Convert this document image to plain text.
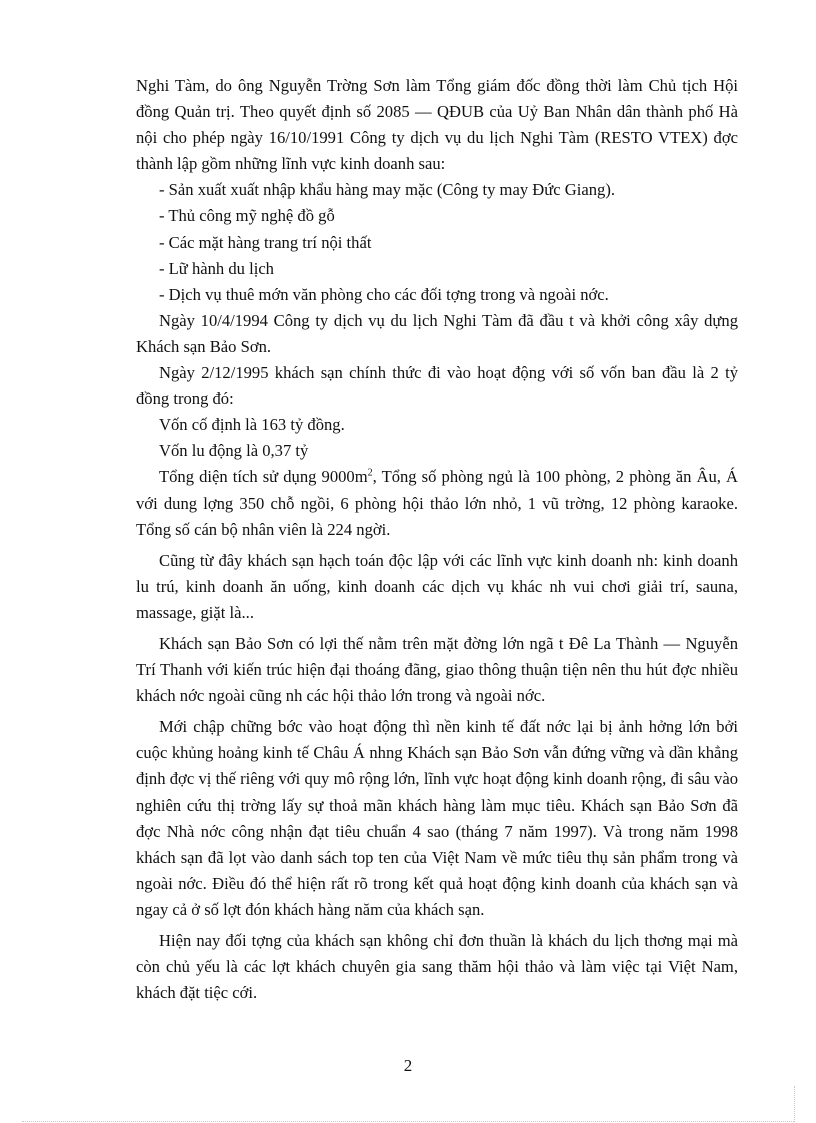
Nghi Tàm, do ông Nguyễn Trờng Sơn làm Tổng giám đốc đồng thời làm Chủ tịch Hội đồng Quản trị. Theo quyết định số 2085 — QĐUB của Uỷ Ban Nhân dân thành phố Hà nội cho phép ngày 16/10/1991 Công ty dịch vụ du lịch Nghi Tàm (RESTO VTEX) đợc thành lập gồm những lĩnh vực kinh doanh sau:

- Sản xuất xuất nhập khẩu hàng may mặc (Công ty may Đức Giang).

- Thủ công mỹ nghệ đồ gỗ

- Các mặt hàng trang trí nội thất

- Lữ hành du lịch

- Dịch vụ thuê mớn văn phòng cho các đối tợng trong và ngoài nớc.

Ngày 10/4/1994 Công ty dịch vụ du lịch Nghi Tàm đã đầu t và khởi công xây dựng Khách sạn Bảo Sơn.

Ngày 2/12/1995 khách sạn chính thức đi vào hoạt động với số vốn ban đầu là 2 tỷ đồng trong đó:

Vốn cố định là 163 tỷ đồng.

Vốn lu động là 0,37 tỷ

Tổng diện tích sử dụng $9000m^2$, Tổng số phòng ngủ là 100 phòng, 2 phòng ăn Âu, Á với dung lợng 350 chỗ ngồi, 6 phòng hội thảo lớn nhỏ, 1 vũ trờng, 12 phòng karaoke. Tổng số cán bộ nhân viên là 224 ngời.

Cũng từ đây khách sạn hạch toán độc lập với các lĩnh vực kinh doanh nh: kinh doanh lu trú, kinh doanh ăn uống, kinh doanh các dịch vụ khác nh vui chơi giải trí, sauna, massage, giặt là...

Khách sạn Bảo Sơn có lợi thế nằm trên mặt đờng lớn ngã t Đê La Thành — Nguyễn Trí Thanh với kiến trúc hiện đại thoáng đãng, giao thông thuận tiện nên thu hút đợc nhiều khách nớc ngoài cũng nh các hội thảo lớn trong và ngoài nớc.

Mới chập chững bớc vào hoạt động thì nền kinh tế đất nớc lại bị ảnh hởng lớn bởi cuộc khủng hoảng kinh tế Châu Á nhng Khách sạn Bảo Sơn vẫn đứng vững và dần khẳng định đợc vị thế riêng với quy mô rộng lớn, lĩnh vực hoạt động kinh doanh rộng, đi sâu vào nghiên cứu thị trờng lấy sự thoả mãn khách hàng làm mục tiêu. Khách sạn Bảo Sơn đã đợc Nhà nớc công nhận đạt tiêu chuẩn 4 sao (tháng 7 năm 1997). Và trong năm 1998 khách sạn đã lọt vào danh sách top ten của Việt Nam về mức tiêu thụ sản phẩm trong và ngoài nớc. Điều đó thể hiện rất rõ trong kết quả hoạt động kinh doanh của khách sạn và ngay cả ở số lợt đón khách hàng năm của khách sạn.

Hiện nay đối tợng của khách sạn không chỉ đơn thuần là khách du lịch thơng mại mà còn chủ yếu là các lợt khách chuyên gia sang thăm hội thảo và làm việc tại Việt Nam, khách đặt tiệc cới.

2
